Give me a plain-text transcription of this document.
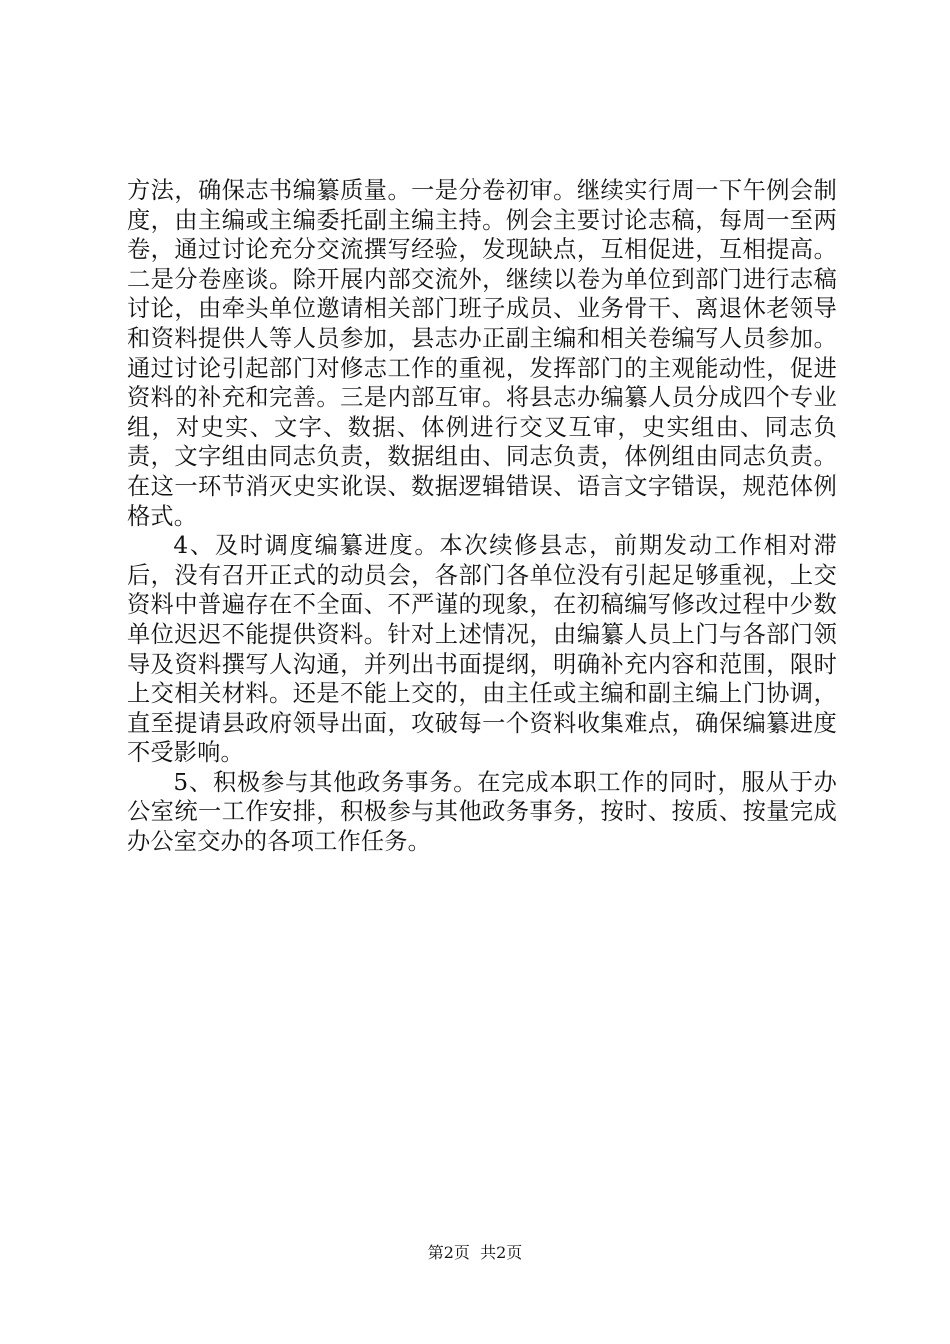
方法，确保志书编纂质量。一是分卷初审。继续实行周一下午例会制度，由主编或主编委托副主编主持。例会主要讨论志稿，每周一至两卷，通过讨论充分交流撰写经验，发现缺点，互相促进，互相提高。二是分卷座谈。除开展内部交流外，继续以卷为单位到部门进行志稿讨论，由牵头单位邀请相关部门班子成员、业务骨干、离退休老领导和资料提供人等人员参加，县志办正副主编和相关卷编写人员参加。通过讨论引起部门对修志工作的重视，发挥部门的主观能动性，促进资料的补充和完善。三是内部互审。将县志办编纂人员分成四个专业组，对史实、文字、数据、体例进行交叉互审，史实组由、同志负责，文字组由同志负责，数据组由、同志负责，体例组由同志负责。在这一环节消灭史实讹误、数据逻辑错误、语言文字错误，规范体例格式。

4、及时调度编纂进度。本次续修县志，前期发动工作相对滞后，没有召开正式的动员会，各部门各单位没有引起足够重视，上交资料中普遍存在不全面、不严谨的现象，在初稿编写修改过程中少数单位迟迟不能提供资料。针对上述情况，由编纂人员上门与各部门领导及资料撰写人沟通，并列出书面提纲，明确补充内容和范围，限时上交相关材料。还是不能上交的，由主任或主编和副主编上门协调，直至提请县政府领导出面，攻破每一个资料收集难点，确保编纂进度不受影响。

5、积极参与其他政务事务。在完成本职工作的同时，服从于办公室统一工作安排，积极参与其他政务事务，按时、按质、按量完成办公室交办的各项工作任务。

第2页  共2页
